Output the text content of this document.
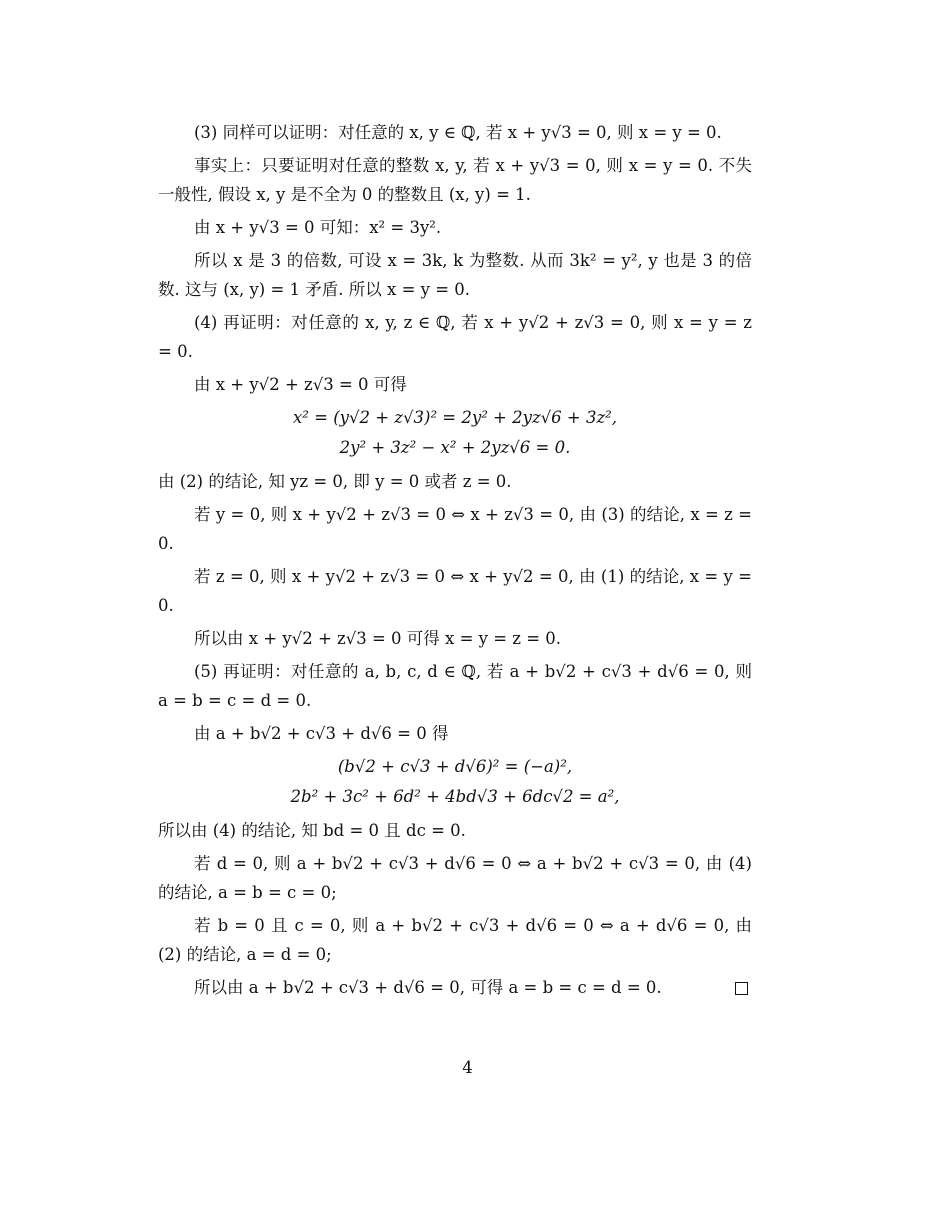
(3) 同样可以证明：对任意的 x, y ∈ ℚ, 若 x + y√3 = 0, 则 x = y = 0.

事实上：只要证明对任意的整数 x, y, 若 x + y√3 = 0, 则 x = y = 0. 不失一般性, 假设 x, y 是不全为 0 的整数且 (x, y) = 1.

由 x + y√3 = 0 可知：x² = 3y².

所以 x 是 3 的倍数, 可设 x = 3k, k 为整数. 从而 3k² = y², y 也是 3 的倍数. 这与 (x, y) = 1 矛盾. 所以 x = y = 0.

(4) 再证明：对任意的 x, y, z ∈ ℚ, 若 x + y√2 + z√3 = 0, 则 x = y = z = 0.

由 x + y√2 + z√3 = 0 可得

x² = (y√2 + z√3)² = 2y² + 2yz√6 + 3z²,

2y² + 3z² − x² + 2yz√6 = 0.

由 (2) 的结论, 知 yz = 0, 即 y = 0 或者 z = 0.

若 y = 0, 则 x + y√2 + z√3 = 0 ⇔ x + z√3 = 0, 由 (3) 的结论, x = z = 0.

若 z = 0, 则 x + y√2 + z√3 = 0 ⇔ x + y√2 = 0, 由 (1) 的结论, x = y = 0.

所以由 x + y√2 + z√3 = 0 可得 x = y = z = 0.

(5) 再证明：对任意的 a, b, c, d ∈ ℚ, 若 a + b√2 + c√3 + d√6 = 0, 则 a = b = c = d = 0.

由 a + b√2 + c√3 + d√6 = 0 得

(b√2 + c√3 + d√6)² = (−a)²,

2b² + 3c² + 6d² + 4bd√3 + 6dc√2 = a²,

所以由 (4) 的结论, 知 bd = 0 且 dc = 0.

若 d = 0, 则 a + b√2 + c√3 + d√6 = 0 ⇔ a + b√2 + c√3 = 0, 由 (4) 的结论, a = b = c = 0;

若 b = 0 且 c = 0, 则 a + b√2 + c√3 + d√6 = 0 ⇔ a + d√6 = 0, 由 (2) 的结论, a = d = 0;

所以由 a + b√2 + c√3 + d√6 = 0, 可得 a = b = c = d = 0.
4
